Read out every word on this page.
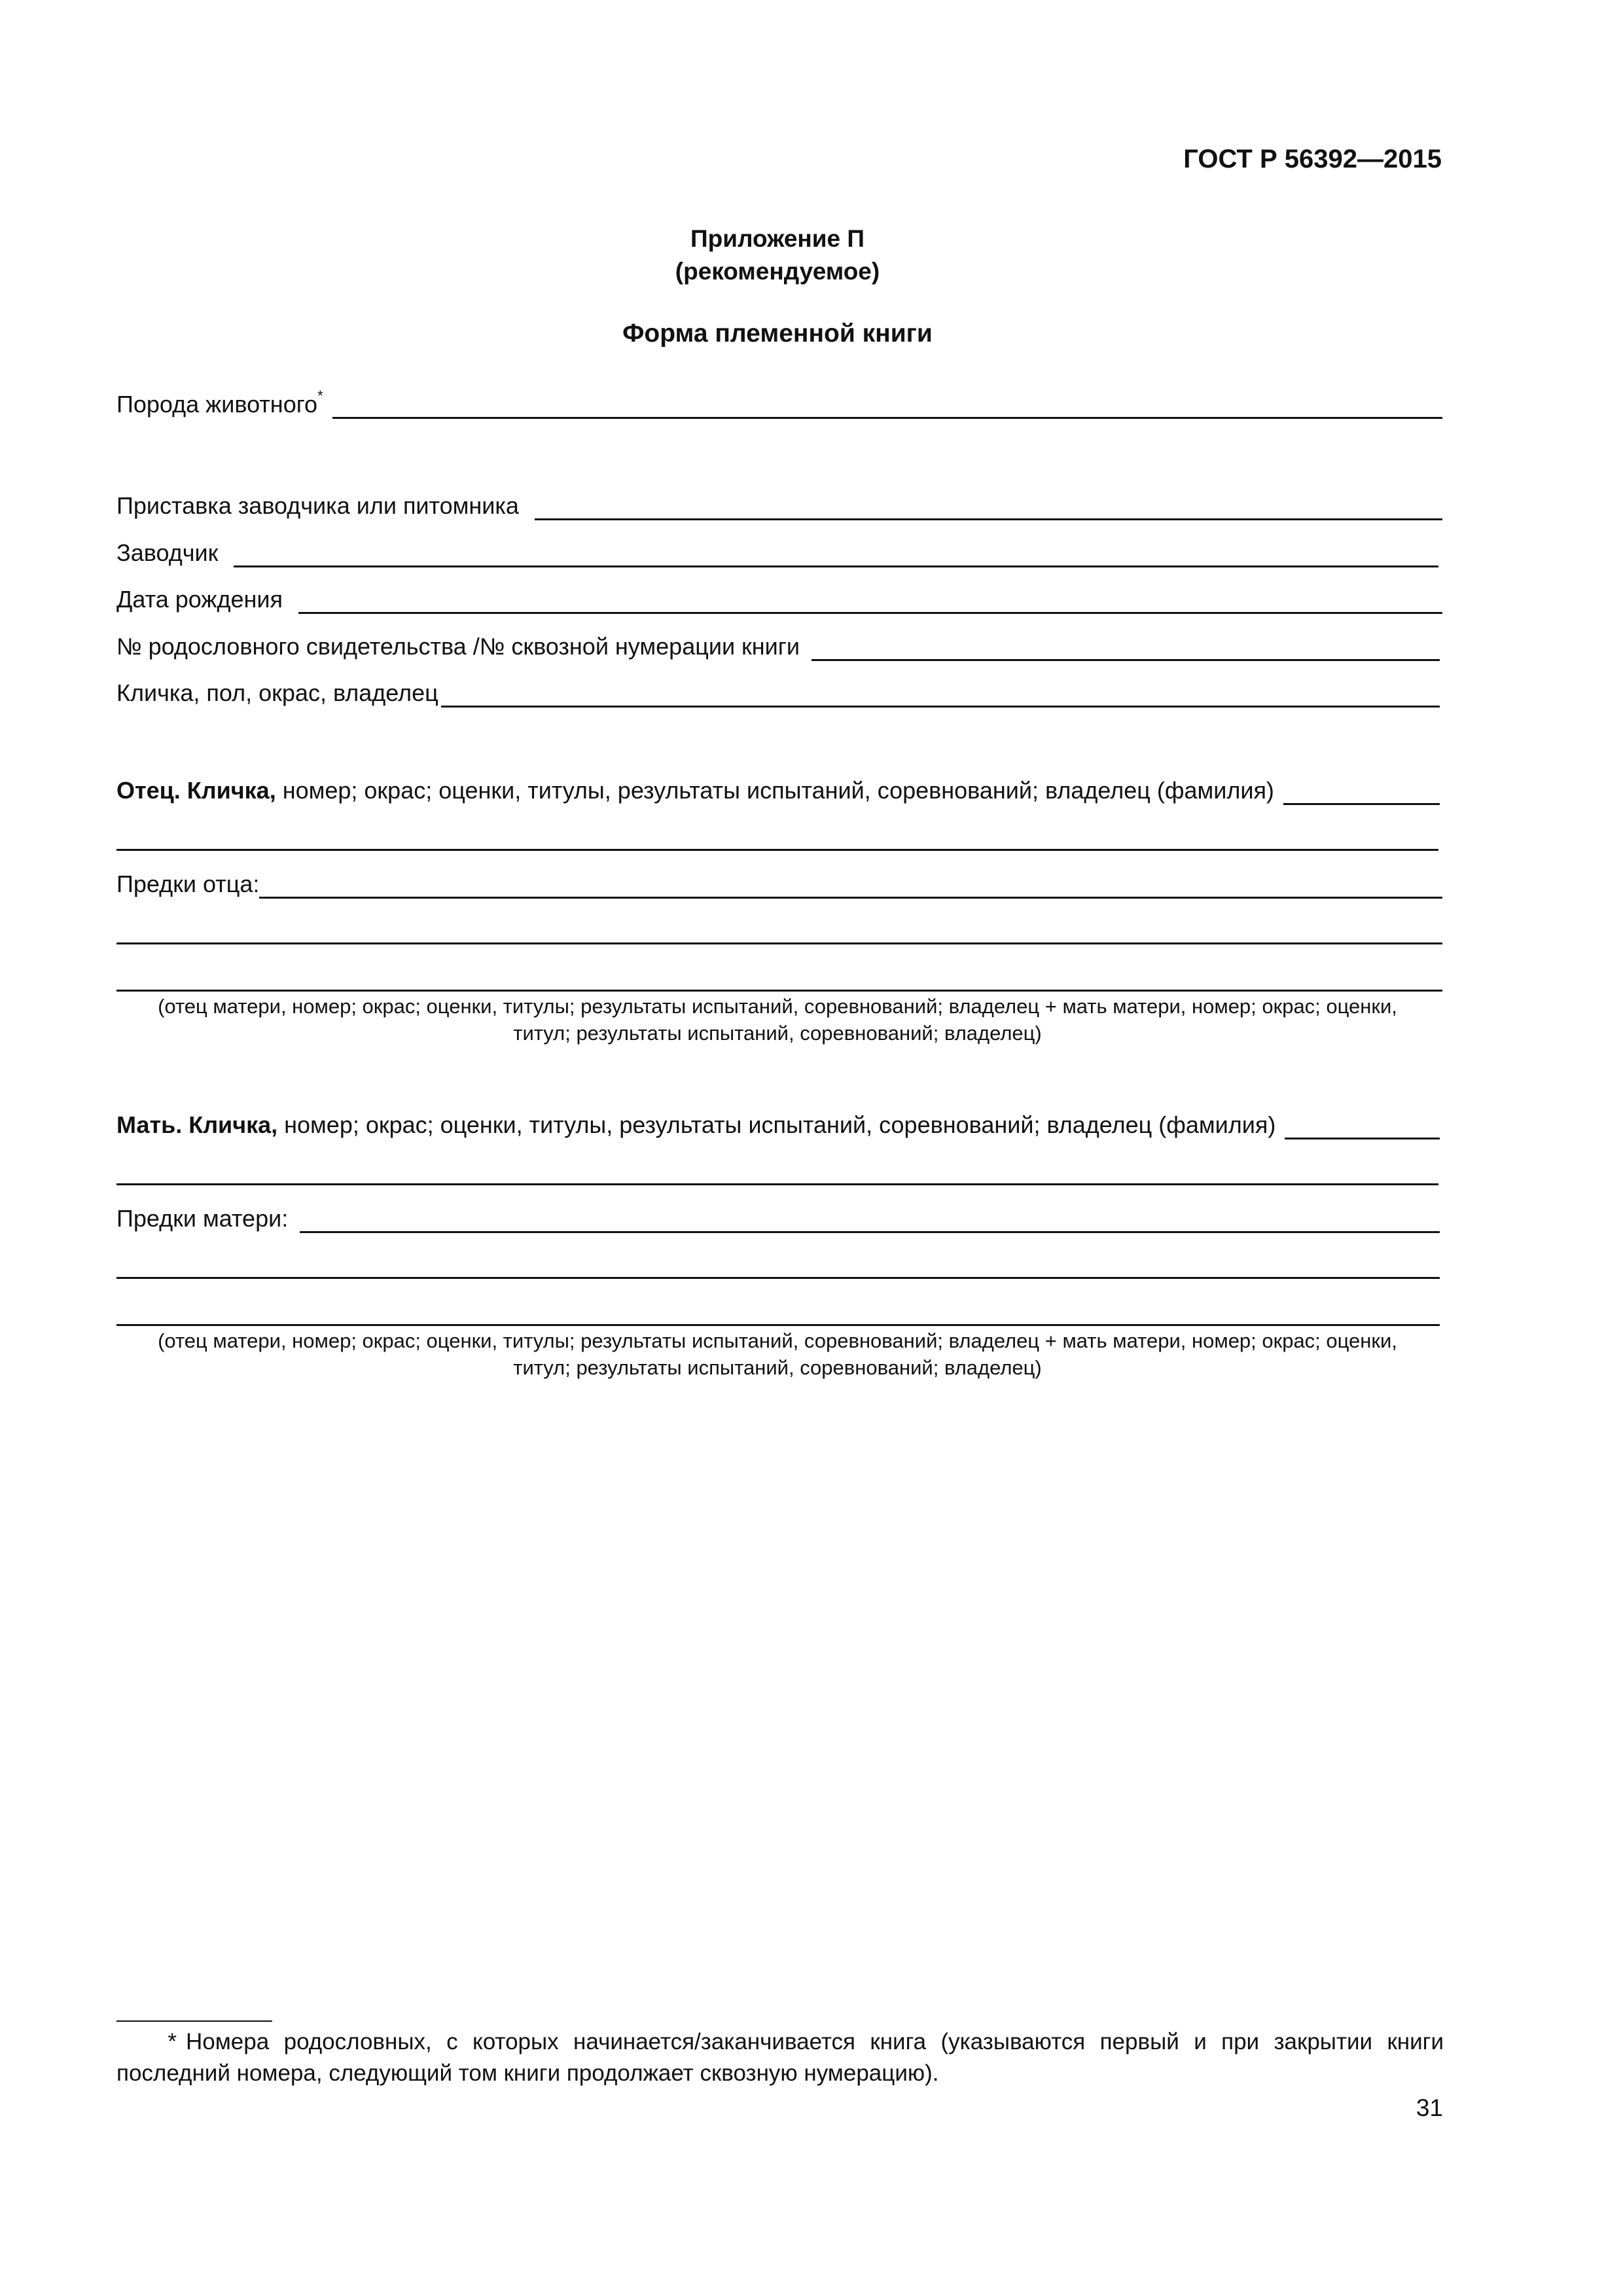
ГОСТ Р 56392—2015
Приложение П
(рекомендуемое)
Форма племенной книги
Порода животного*
Приставка заводчика или питомника
Заводчик
Дата рождения
№ родословного свидетельства /№ сквозной нумерации книги
Кличка, пол, окрас, владелец
Отец. Кличка, номер; окрас; оценки, титулы, результаты испытаний, соревнований; владелец (фамилия)
Предки отца:
(отец матери, номер; окрас; оценки, титулы; результаты испытаний, соревнований; владелец + мать матери, номер; окрас; оценки,
титул; результаты испытаний, соревнований; владелец)
Мать. Кличка, номер; окрас; оценки, титулы, результаты испытаний, соревнований; владелец (фамилия)
Предки матери:
(отец матери, номер; окрас; оценки, титулы; результаты испытаний, соревнований; владелец + мать матери, номер; окрас; оценки,
титул; результаты испытаний, соревнований; владелец)
* Номера родословных, с которых начинается/заканчивается книга (указываются первый и при закрытии книги последний номера, следующий том книги продолжает сквозную нумерацию).
31
